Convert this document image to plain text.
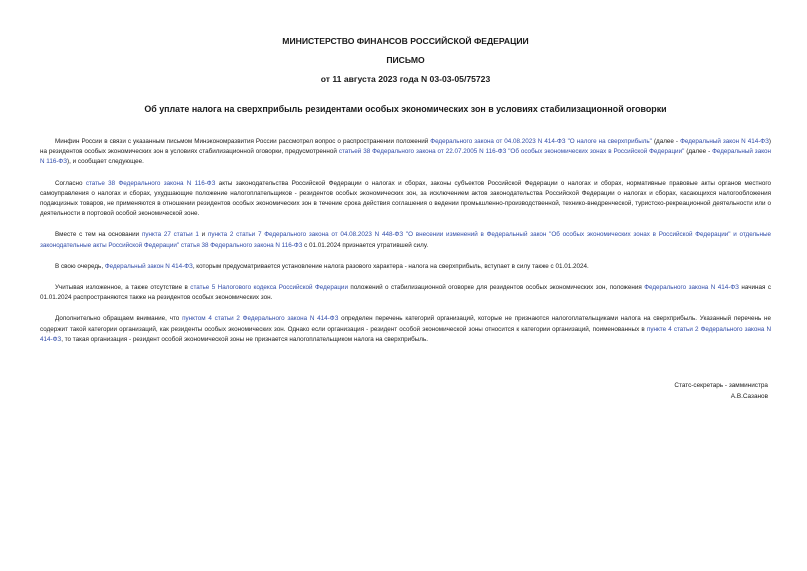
МИНИСТЕРСТВО ФИНАНСОВ РОССИЙСКОЙ ФЕДЕРАЦИИ
ПИСЬМО
от 11 августа 2023 года N 03-03-05/75723
Об уплате налога на сверхприбыль резидентами особых экономических зон в условиях стабилизационной оговорки

Минфин России в связи с указанным письмом Минэкономразвития России рассмотрел вопрос о распространении положений Федерального закона от 04.08.2023 N 414-ФЗ "О налоге на сверхприбыль" (далее - Федеральный закон N 414-ФЗ) на резидентов особых экономических зон в условиях стабилизационной оговорки, предусмотренной статьей 38 Федерального закона от 22.07.2005 N 116-ФЗ "Об особых экономических зонах в Российской Федерации" (далее - Федеральный закон N 116-ФЗ), и сообщает следующее.

Согласно статье 38 Федерального закона N 116-ФЗ акты законодательства Российской Федерации о налогах и сборах, законы субъектов Российской Федерации о налогах и сборах, нормативные правовые акты органов местного самоуправления о налогах и сборах, ухудшающие положение налогоплательщиков - резидентов особых экономических зон, за исключением актов законодательства Российской Федерации о налогах и сборах, касающихся налогообложения подакцизных товаров, не применяются в отношении резидентов особых экономических зон в течение срока действия соглашения о ведении промышленно-производственной, технико-внедренческой, туристско-рекреационной деятельности или о деятельности в портовой особой экономической зоне.

Вместе с тем на основании пункта 27 статьи 1 и пункта 2 статьи 7 Федерального закона от 04.08.2023 N 448-ФЗ "О внесении изменений в Федеральный закон "Об особых экономических зонах в Российской Федерации" и отдельные законодательные акты Российской Федерации" статья 38 Федерального закона N 116-ФЗ с 01.01.2024 признается утратившей силу.

В свою очередь, Федеральный закон N 414-ФЗ, которым предусматривается установление налога разового характера - налога на сверхприбыль, вступает в силу также с 01.01.2024.

Учитывая изложенное, а также отсутствие в статье 5 Налогового кодекса Российской Федерации положений о стабилизационной оговорке для резидентов особых экономических зон, положения Федерального закона N 414-ФЗ начиная с 01.01.2024 распространяются также на резидентов особых экономических зон.

Дополнительно обращаем внимание, что пунктом 4 статьи 2 Федерального закона N 414-ФЗ определен перечень категорий организаций, которые не признаются налогоплательщиками налога на сверхприбыль. Указанный перечень не содержит такой категории организаций, как резиденты особых экономических зон. Однако если организация - резидент особой экономической зоны относится к категории организаций, поименованных в пункте 4 статьи 2 Федерального закона N 414-ФЗ, то такая организация - резидент особой экономической зоны не признается налогоплательщиком налога на сверхприбыль.

Статс-секретарь - замминистра
А.В.Сазанов
